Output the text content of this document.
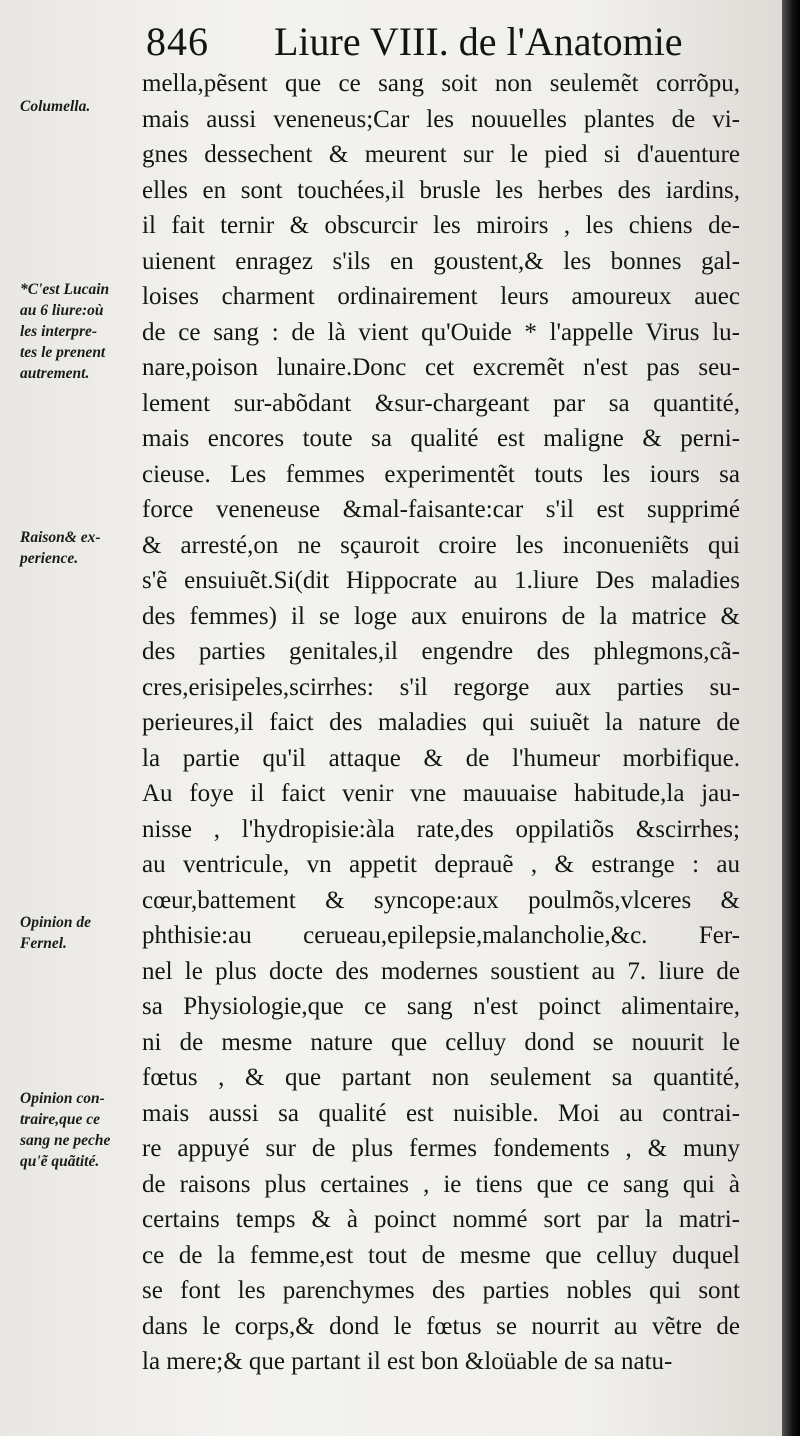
846 Liure VIII. de l'Anatomie
Columella.
*C'est Lucain
au 6 liure:où
les interpre-
tes le prenent
autrement.
Raison& ex-
perience.
Opinion de
Fernel.
Opinion con-
traire,que ce
sang ne peche
qu'ẽ quãtité.
mella,pẽsent que ce sang soit non seulemẽt corrõpu,
mais aussi veneneus;Car les nouuelles plantes de vi-
gnes dessechent & meurent sur le pied si d'auenture
elles en sont touchées,il brusle les herbes des iardins,
il fait ternir & obscurcir les miroirs , les chiens de-
uienent enragez s'ils en goustent,& les bonnes gal-
loises charment ordinairement leurs amoureux auec
de ce sang : de là vient qu'Ouide * l'appelle Virus lu-
nare,poison lunaire.Donc cet excremẽt n'est pas seu-
lement sur-abõdant &sur-chargeant par sa quantité,
mais encores toute sa qualité est maligne & perni-
cieuse. Les femmes experimentẽt touts les iours sa
force veneneuse &mal-faisante:car s'il est supprimé
& arresté,on ne sçauroit croire les inconueniẽts qui
s'ẽ ensuiuẽt.Si(dit Hippocrate au 1.liure Des maladies
des femmes) il se loge aux enuirons de la matrice &
des parties genitales,il engendre des phlegmons,cã-
cres,erisipeles,scirrhes: s'il regorge aux parties su-
perieures,il faict des maladies qui suiuẽt la nature de
la partie qu'il attaque & de l'humeur morbifique.
Au foye il faict venir vne mauuaise habitude,la jau-
nisse , l'hydropisie:àla rate,des oppilatiõs &scirrhes;
au ventricule, vn appetit deprauẽ , & estrange : au
cœur,battement & syncope:aux poulmõs,vlceres &
phthisie:au cerueau,epilepsie,malancholie,&c. Fer-
nel le plus docte des modernes soustient au 7. liure de
sa Physiologie,que ce sang n'est poinct alimentaire,
ni de mesme nature que celluy dond se nouurit le
fœtus , & que partant non seulement sa quantité,
mais aussi sa qualité est nuisible. Moi au contrai-
re appuyé sur de plus fermes fondements , & muny
de raisons plus certaines , ie tiens que ce sang qui à
certains temps & à poinct nommé sort par la matri-
ce de la femme,est tout de mesme que celluy duquel
se font les parenchymes des parties nobles qui sont
dans le corps,& dond le fœtus se nourrit au vẽtre de
la mere;& que partant il est bon &loüable de sa natu-
